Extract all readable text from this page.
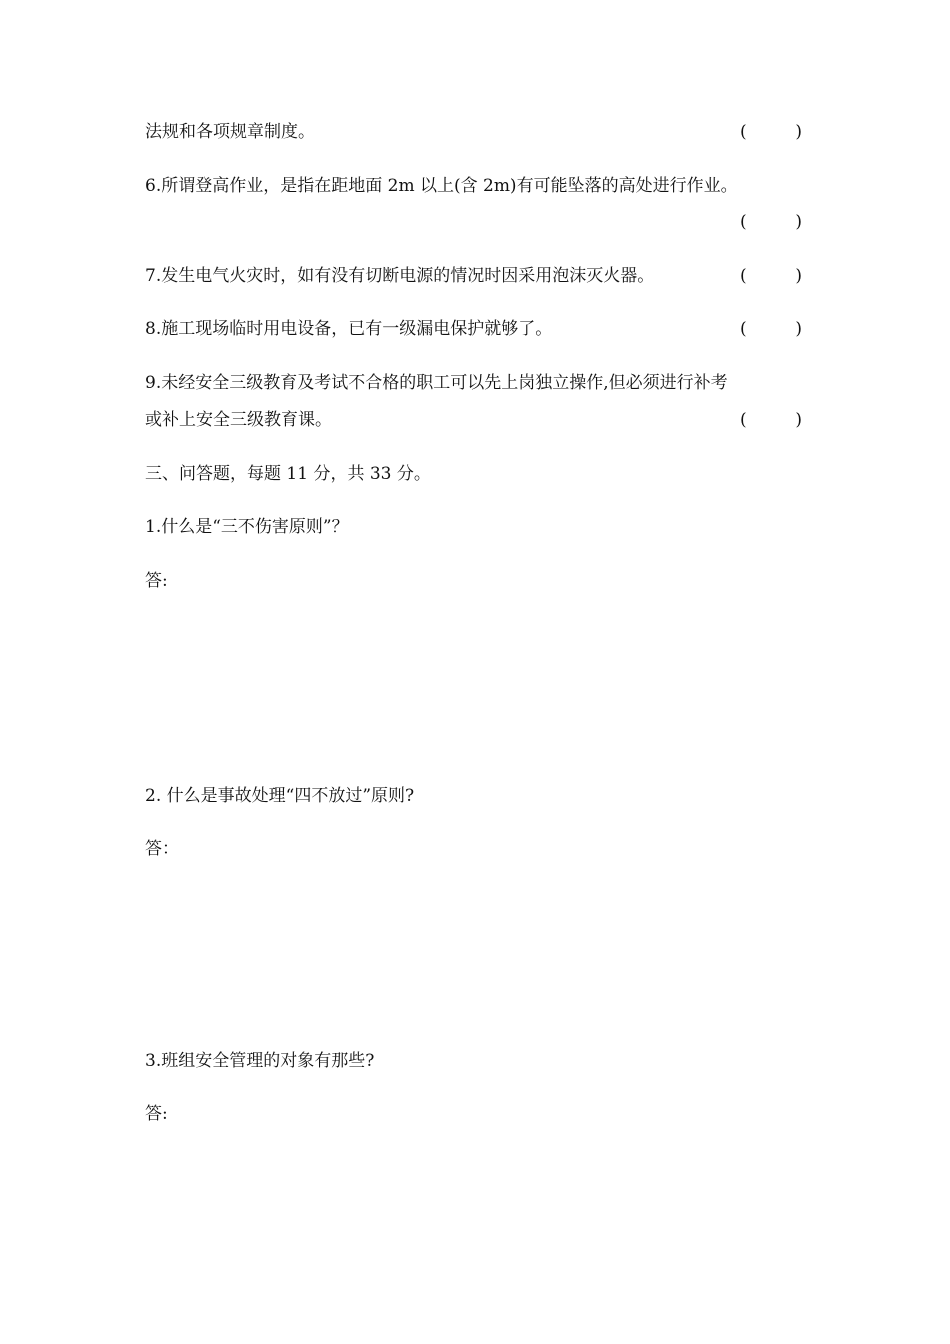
法规和各项规章制度。	(	)
6.所谓登高作业，是指在距地面 2m 以上(含 2m)有可能坠落的高处进行作业。
(	)
7.发生电气火灾时，如有没有切断电源的情况时因采用泡沫灭火器。	(	)
8.施工现场临时用电设备，已有一级漏电保护就够了。	(	)
9.未经安全三级教育及考试不合格的职工可以先上岗独立操作,但必须进行补考
或补上安全三级教育课。	(	)
三、问答题，每题 11 分，共 33 分。
1.什么是“三不伤害原则”？
答:
2. 什么是事故处理“四不放过”原则?
答：
3.班组安全管理的对象有那些?
答:
